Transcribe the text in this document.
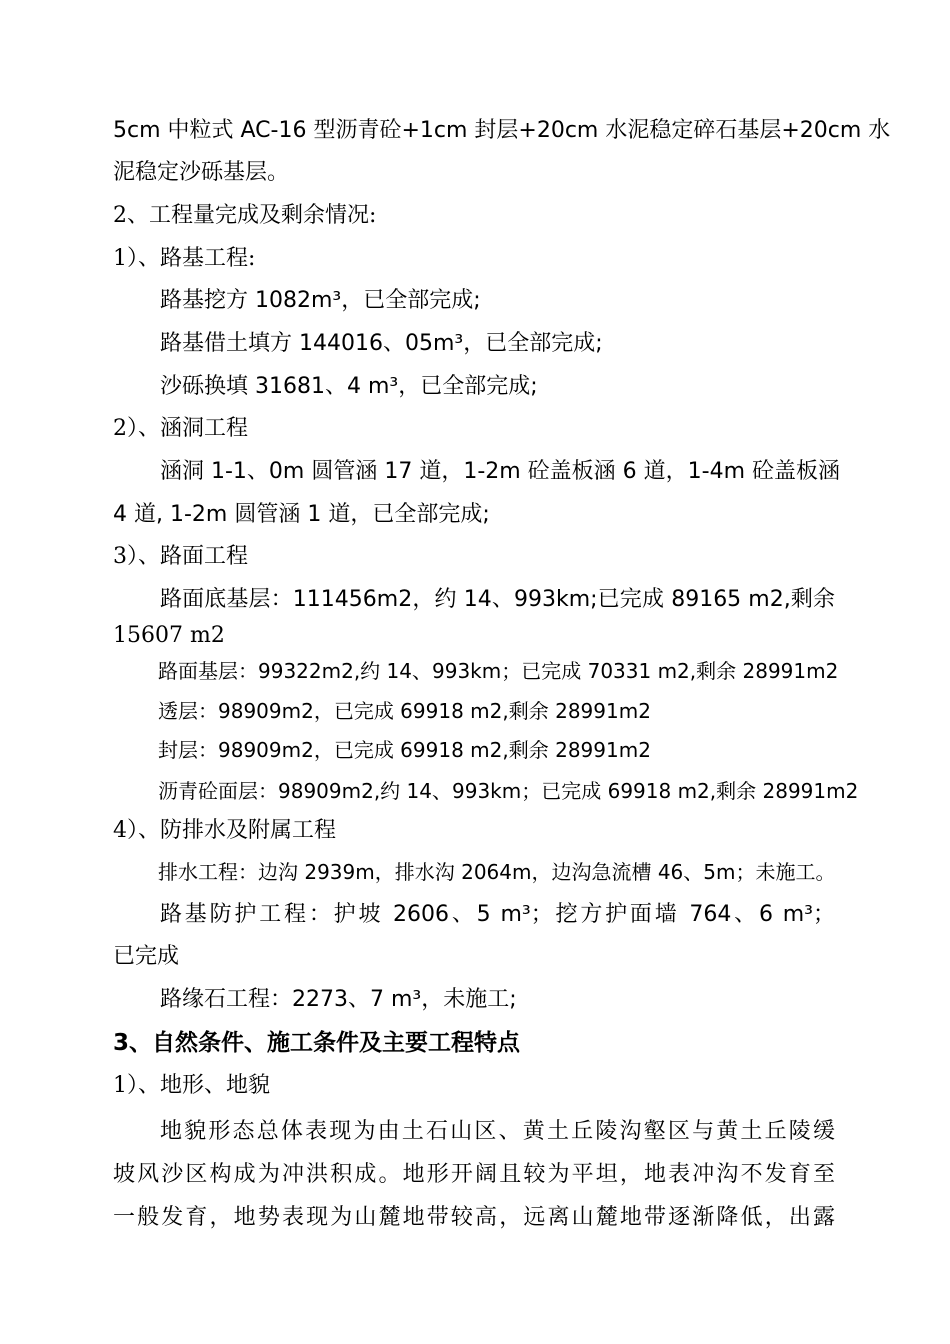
5cm 中粒式 AC-16 型沥青砼+1cm 封层+20cm 水泥稳定碎石基层+20cm 水
泥稳定沙砾基层。
2、工程量完成及剩余情况:
1）、路基工程:
路基挖方 1082m³，已全部完成;
路基借土填方 144016、05m³，已全部完成;
沙砾换填 31681、4 m³，已全部完成;
2）、涵洞工程
涵洞 1-1、0m 圆管涵 17 道，1-2m 砼盖板涵 6 道，1-4m 砼盖板涵
4 道, 1-2m 圆管涵 1 道，已全部完成;
3）、路面工程
路面底基层：111456m2，约 14、993km;已完成 89165 m2,剩余
15607 m2
路面基层：99322m2,约 14、993km；已完成 70331 m2,剩余 28991m2
透层：98909m2，已完成 69918 m2,剩余 28991m2
封层：98909m2，已完成 69918 m2,剩余 28991m2
沥青砼面层：98909m2,约 14、993km；已完成 69918 m2,剩余 28991m2
4）、防排水及附属工程
排水工程：边沟 2939m，排水沟 2064m，边沟急流槽 46、5m；未施工。
路基防护工程：护坡 2606、5 m³；挖方护面墙 764、6 m³；
已完成
路缘石工程：2273、7 m³，未施工;
3、自然条件、施工条件及主要工程特点
1）、地形、地貌
地貌形态总体表现为由土石山区、黄土丘陵沟壑区与黄土丘陵缓
坡风沙区构成为冲洪积成。地形开阔且较为平坦，地表冲沟不发育至
一般发育，地势表现为山麓地带较高，远离山麓地带逐渐降低，出露
